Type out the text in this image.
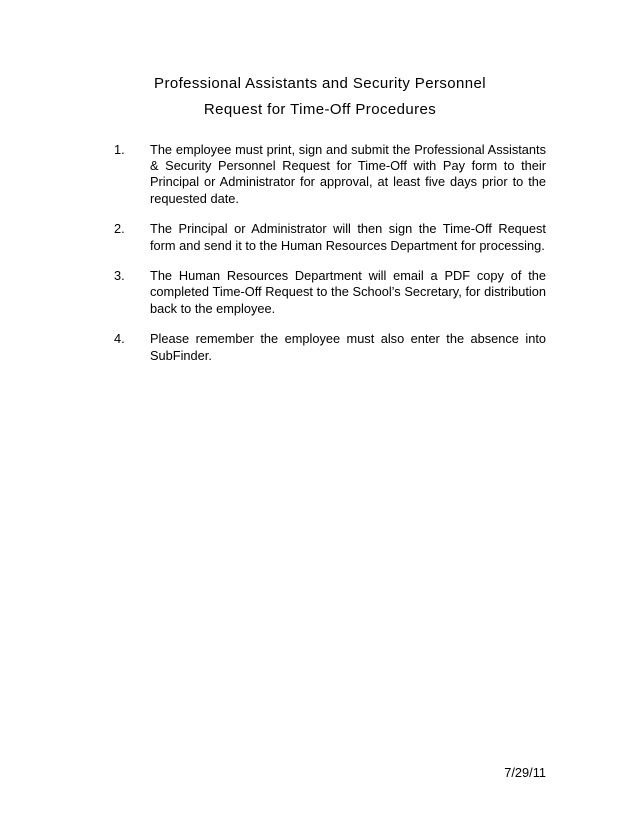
Professional Assistants and Security Personnel
Request for Time-Off Procedures
1. The employee must print, sign and submit the Professional Assistants & Security Personnel Request for Time-Off with Pay form to their Principal or Administrator for approval, at least five days prior to the requested date.
2. The Principal or Administrator will then sign the Time-Off Request form and send it to the Human Resources Department for processing.
3. The Human Resources Department will email a PDF copy of the completed Time-Off Request to the School’s Secretary, for distribution back to the employee.
4. Please remember the employee must also enter the absence into SubFinder.
7/29/11
